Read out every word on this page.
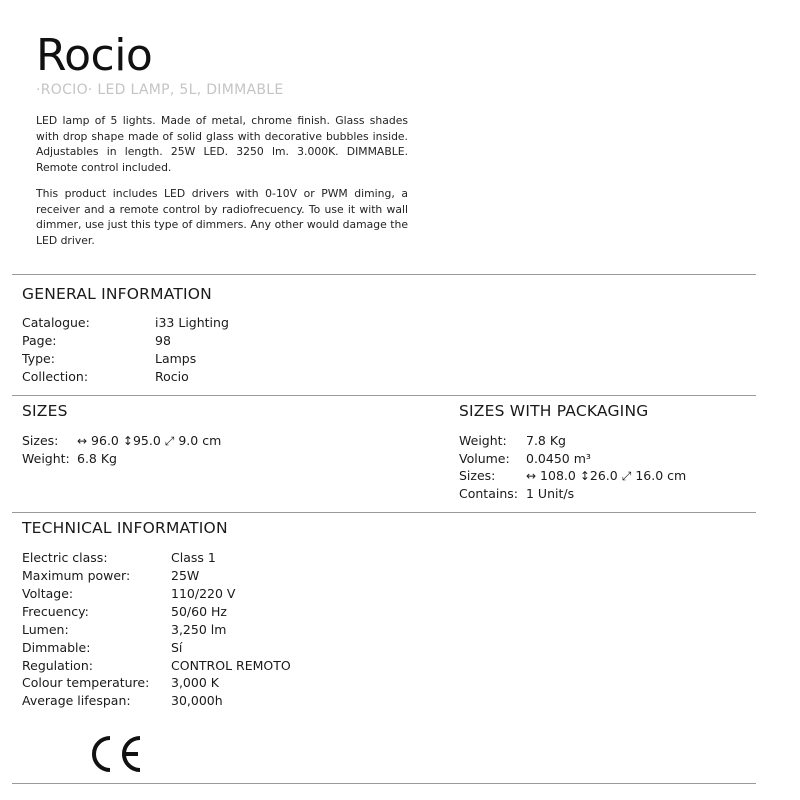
Rocio
·ROCIO· LED LAMP, 5L, DIMMABLE

LED lamp of 5 lights. Made of metal, chrome finish. Glass shades with drop shape made of solid glass with decorative bubbles inside. Adjustables in length. 25W LED. 3250 lm. 3.000K. DIMMABLE. Remote control included.

This product includes LED drivers with 0-10V or PWM diming, a receiver and a remote control by radiofrecuency. To use it with wall dimmer, use just this type of dimmers. Any other would damage the LED driver.

GENERAL INFORMATION
Catalogue:	i33 Lighting
Page:	98
Type:	Lamps
Collection:	Rocio
SIZES
Sizes: ↔ 96.0 ↕95.0 ⤢ 9.0 cm
Weight: 6.8 Kg
SIZES WITH PACKAGING
Weight: 7.8 Kg
Volume: 0.0450 m³
Sizes:	↔ 108.0 ↕26.0 ⤢ 16.0 cm
Contains: 1 Unit/s
TECHNICAL INFORMATION
Electric class:	Class 1
Maximum power:	25W
Voltage:	110/220 V
Frecuency:	50/60 Hz
Lumen:	3,250 lm
Dimmable:	Sí
Regulation:	CONTROL REMOTO
Colour temperature: 3,000 K
Average lifespan:	30,000h
